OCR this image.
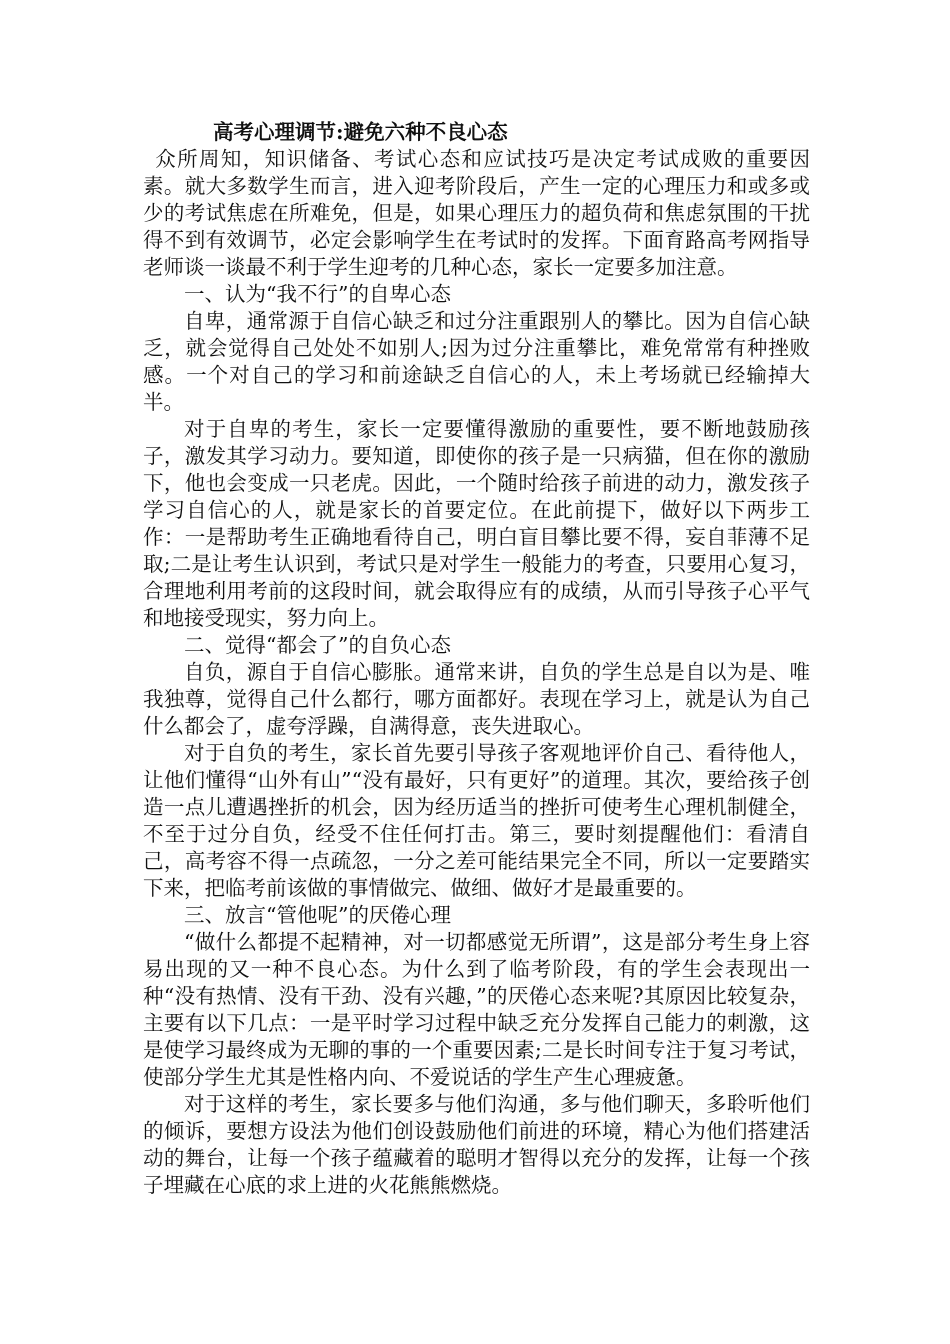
高考心理调节:避免六种不良心态

众所周知，知识储备、考试心态和应试技巧是决定考试成败的重要因素。就大多数学生而言，进入迎考阶段后，产生一定的心理压力和或多或少的考试焦虑在所难免，但是，如果心理压力的超负荷和焦虑氛围的干扰得不到有效调节，必定会影响学生在考试时的发挥。下面育路高考网指导老师谈一谈最不利于学生迎考的几种心态，家长一定要多加注意。

一、认为“我不行”的自卑心态

自卑，通常源于自信心缺乏和过分注重跟别人的攀比。因为自信心缺乏，就会觉得自己处处不如别人;因为过分注重攀比，难免常常有种挫败感。一个对自己的学习和前途缺乏自信心的人，未上考场就已经输掉大半。

对于自卑的考生，家长一定要懂得激励的重要性，要不断地鼓励孩子，激发其学习动力。要知道，即使你的孩子是一只病猫，但在你的激励下，他也会变成一只老虎。因此，一个随时给孩子前进的动力，激发孩子学习自信心的人，就是家长的首要定位。在此前提下，做好以下两步工作：一是帮助考生正确地看待自己，明白盲目攀比要不得，妄自菲薄不足取;二是让考生认识到，考试只是对学生一般能力的考查，只要用心复习，合理地利用考前的这段时间，就会取得应有的成绩，从而引导孩子心平气和地接受现实，努力向上。

二、觉得“都会了”的自负心态

自负，源自于自信心膨胀。通常来讲，自负的学生总是自以为是、唯我独尊，觉得自己什么都行，哪方面都好。表现在学习上，就是认为自己什么都会了，虚夸浮躁，自满得意，丧失进取心。

对于自负的考生，家长首先要引导孩子客观地评价自己、看待他人，让他们懂得“山外有山”“没有最好，只有更好”的道理。其次，要给孩子创造一点儿遭遇挫折的机会，因为经历适当的挫折可使考生心理机制健全，不至于过分自负，经受不住任何打击。第三，要时刻提醒他们：看清自己，高考容不得一点疏忽，一分之差可能结果完全不同，所以一定要踏实下来，把临考前该做的事情做完、做细、做好才是最重要的。

三、放言“管他呢”的厌倦心理

“做什么都提不起精神，对一切都感觉无所谓”，这是部分考生身上容易出现的又一种不良心态。为什么到了临考阶段，有的学生会表现出一种“没有热情、没有干劲、没有兴趣，”的厌倦心态来呢?其原因比较复杂，主要有以下几点：一是平时学习过程中缺乏充分发挥自己能力的刺激，这是使学习最终成为无聊的事的一个重要因素;二是长时间专注于复习考试，使部分学生尤其是性格内向、不爱说话的学生产生心理疲惫。

对于这样的考生，家长要多与他们沟通，多与他们聊天，多聆听他们的倾诉，要想方设法为他们创设鼓励他们前进的环境，精心为他们搭建活动的舞台，让每一个孩子蕴藏着的聪明才智得以充分的发挥，让每一个孩子埋藏在心底的求上进的火花熊熊燃烧。
